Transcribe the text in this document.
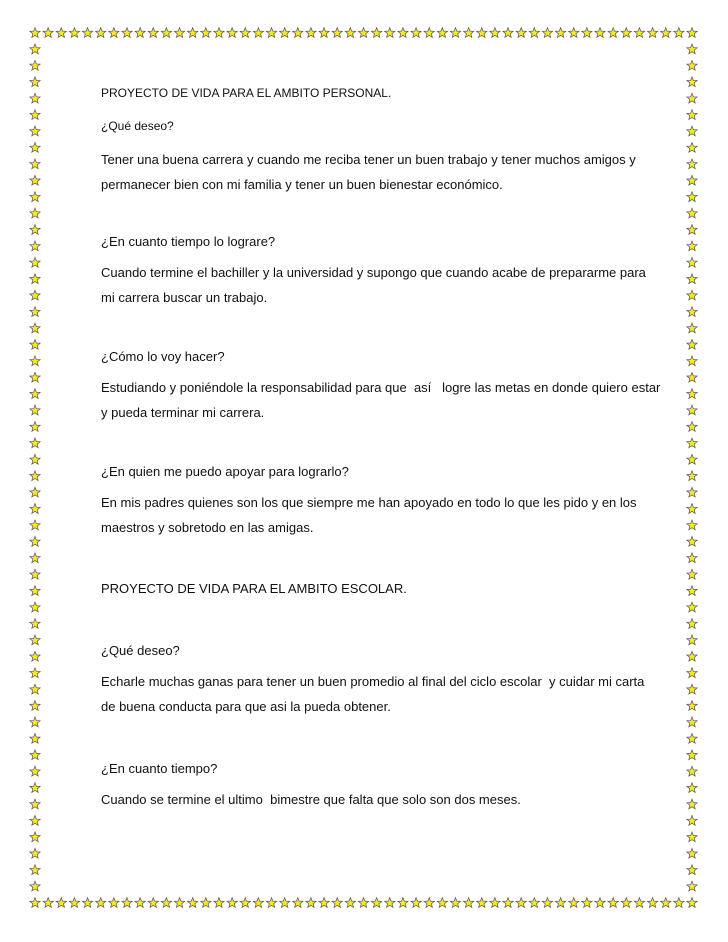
PROYECTO DE VIDA PARA EL AMBITO PERSONAL.

¿Qué deseo?

Tener una buena carrera y cuando me reciba tener un buen trabajo y tener muchos amigos y permanecer bien con mi familia y tener un buen bienestar económico.

¿En cuanto tiempo lo lograre?

Cuando termine el bachiller y la universidad y supongo que cuando acabe de prepararme para mi carrera buscar un trabajo.

¿Cómo lo voy hacer?

Estudiando y poniéndole la responsabilidad para que  así   logre las metas en donde quiero estar  y pueda terminar mi carrera.

¿En quien me puedo apoyar para lograrlo?

En mis padres quienes son los que siempre me han apoyado en todo lo que les pido y en los maestros y sobretodo en las amigas.

PROYECTO DE VIDA PARA EL AMBITO ESCOLAR.

¿Qué deseo?

Echarle muchas ganas para tener un buen promedio al final del ciclo escolar  y cuidar mi carta de buena conducta para que asi la pueda obtener.

¿En cuanto tiempo?

Cuando se termine el ultimo  bimestre que falta que solo son dos meses.
